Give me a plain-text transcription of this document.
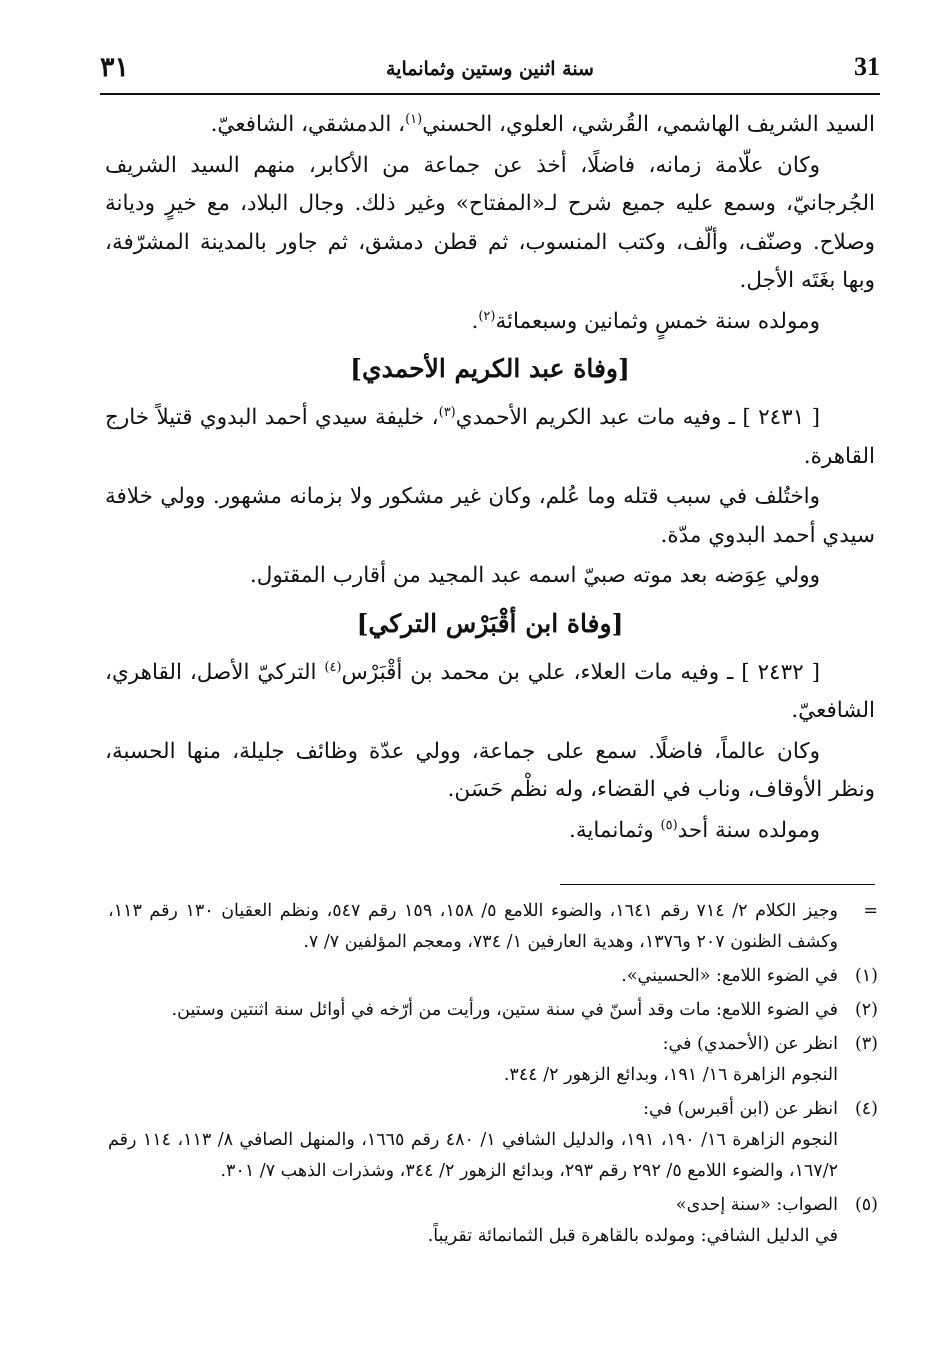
٣١	سنة اثنين وستين وثمانماية	31

السيد الشريف الهاشمي، القُرشي، العلوي، الحسني$^{(١)}$، الدمشقي، الشافعيّ.

وكان علّامة زمانه، فاضلًا، أخذ عن جماعة من الأكابر، منهم السيد الشريف الجُرجانيّ، وسمع عليه جميع شرح لـ«المفتاح» وغير ذلك. وجال البلاد، مع خيرٍ وديانة وصلاح. وصنّف، وألّف، وكتب المنسوب، ثم قطن دمشق، ثم جاور بالمدينة المشرّفة، وبها بغَتَه الأجل.

ومولده سنة خمسٍ وثمانين وسبعمائة$^{(٢)}$.

[وفاة عبد الكريم الأحمدي]

[ ٢٤٣١ ] ـ وفيه مات عبد الكريم الأحمدي$^{(٣)}$، خليفة سيدي أحمد البدوي قتيلاً خارج القاهرة.

واختُلف في سبب قتله وما عُلم، وكان غير مشكور ولا بزمانه مشهور. وولي خلافة سيدي أحمد البدوي مدّة.

وولي عِوَضه بعد موته صبيّ اسمه عبد المجيد من أقارب المقتول.

[وفاة ابن أقْبَرْس التركي]

[ ٢٤٣٢ ] ـ وفيه مات العلاء، علي بن محمد بن أقْبَرْس$^{(٤)}$ التركيّ الأصل، القاهري، الشافعيّ.

وكان عالماً، فاضلًا. سمع على جماعة، وولي عدّة وظائف جليلة، منها الحسبة، ونظر الأوقاف، وناب في القضاء، وله نظْم حَسَن.

ومولده سنة أحد$^{(٥)}$ وثمانماية.

=
وجيز الكلام ٢/ ٧١٤ رقم ١٦٤١، والضوء اللامع ٥/ ١٥٨، ١٥٩ رقم ٥٤٧، ونظم العقيان ١٣٠ رقم ١١٣، وكشف الظنون ٢٠٧ و١٣٧٦، وهدية العارفين ١/ ٧٣٤، ومعجم المؤلفين ٧/ ٧.
(١)
في الضوء اللامع: «الحسيني».
(٢)
في الضوء اللامع: مات وقد أسنّ في سنة ستين، ورأيت من أرّخه في أوائل سنة اثنتين وستين.
(٣)
انظر عن (الأحمدي) في:
النجوم الزاهرة ١٦/ ١٩١، وبدائع الزهور ٢/ ٣٤٤.
(٤)
انظر عن (ابن أقبرس) في:
النجوم الزاهرة ١٦/ ١٩٠، ١٩١، والدليل الشافي ١/ ٤٨٠ رقم ١٦٦٥، والمنهل الصافي ٨/ ١١٣، ١١٤ رقم ١٦٧/٢، والضوء اللامع ٥/ ٢٩٢ رقم ٢٩٣، وبدائع الزهور ٢/ ٣٤٤، وشذرات الذهب ٧/ ٣٠١.
(٥)
الصواب: «سنة إحدى»
في الدليل الشافي: ومولده بالقاهرة قبل الثمانمائة تقريباً.
